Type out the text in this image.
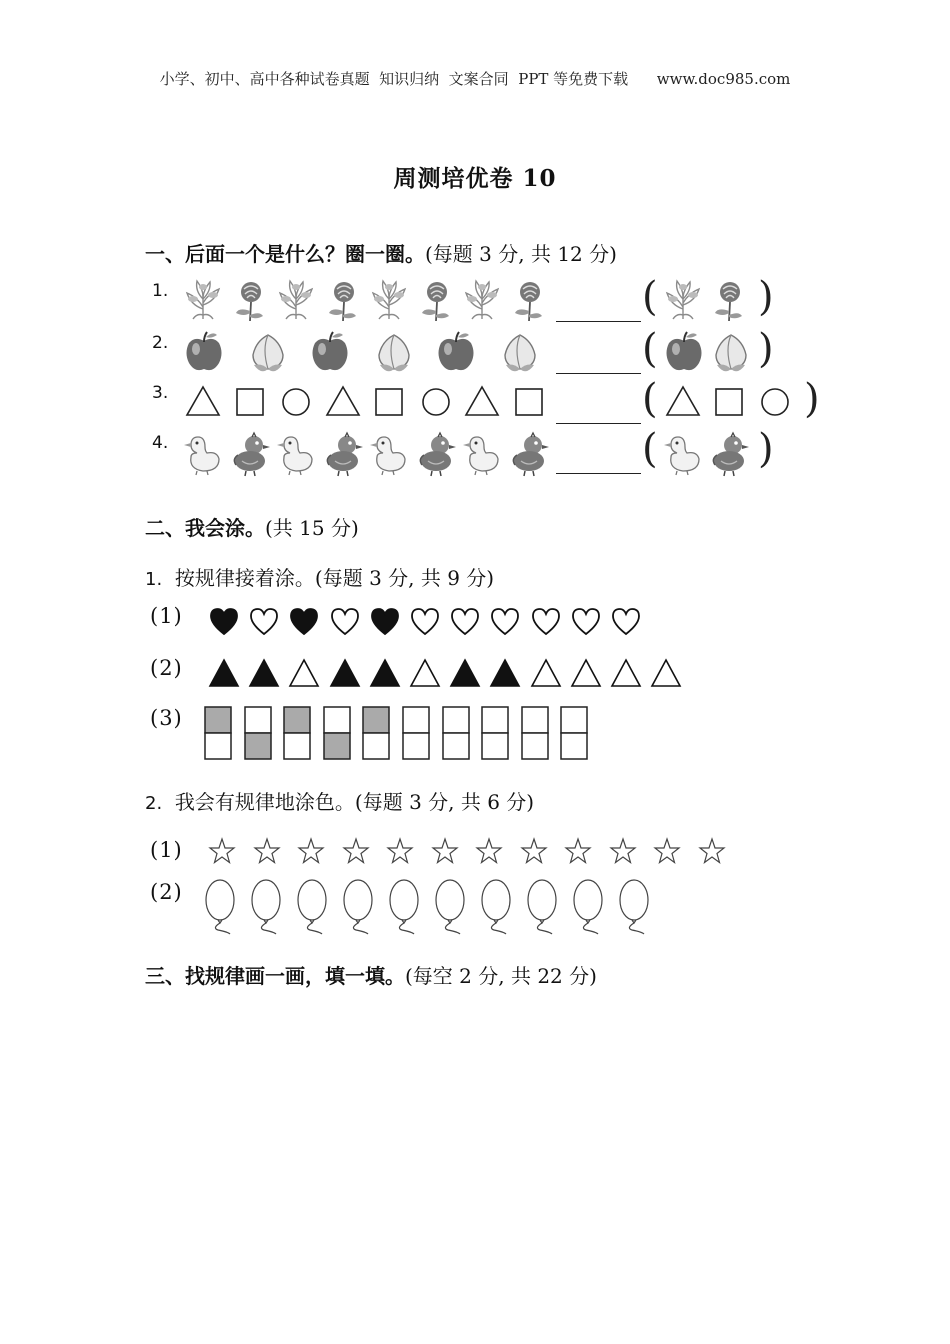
小学、初中、高中各种试卷真题  知识归纳  文案合同  PPT 等免费下载 www.doc985.com
周测培优卷 10
一、后面一个是什么？圈一圈。(每题 3 分, 共 12 分)
1.	(	)
2.	(	)
3.	(	)
4.	(	)
二、我会涂。(共 15 分)
1. 按规律接着涂。(每题 3 分, 共 9 分)
(1)
(2)
(3)
2. 我会有规律地涂色。(每题 3 分, 共 6 分)
(1)
(2)
三、找规律画一画，填一填。(每空 2 分, 共 22 分)
